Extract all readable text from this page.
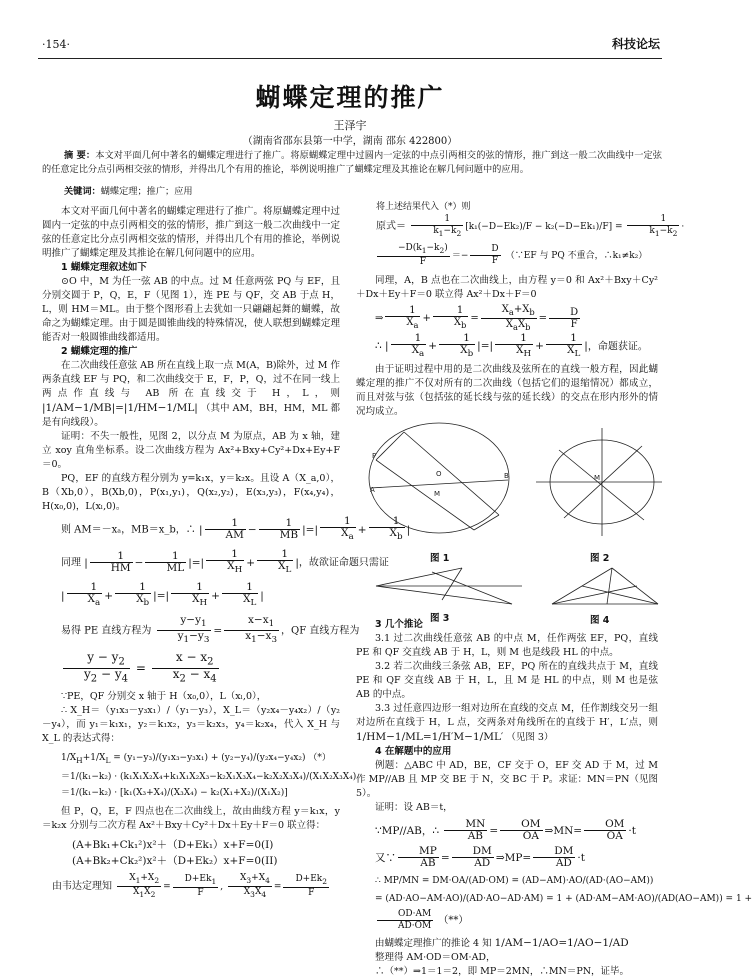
·154·	科技论坛
蝴蝶定理的推广
王泽宇
（湖南省邵东县第一中学，湖南 邵东 422800）
摘 要：本文对平面几何中著名的蝴蝶定理进行了推广。将原蝴蝶定理中过圆内一定弦的中点引两相交的弦的情形，推广到这一般二次曲线中一定弦的任意定比分点引两相交弦的情形，并得出几个有用的推论，举例说明推广了蝴蝶定理及其推论在解几何问题中的应用。
关键词：蝴蝶定理；推广；应用

本文对平面几何中著名的蝴蝶定理进行了推广。将原蝴蝶定理中过圆内一定弦的中点引两相交的弦的情形，推广到这一般二次曲线中一定弦的任意定比分点引两相交弦的情形，并得出几个有用的推论，举例说明推广了蝴蝶定理及其推论在解几何问题中的应用。

1 蝴蝶定理叙述如下

⊙O 中，M 为任一弦 AB 的中点。过 M 任意两弦 PQ 与 EF，且分别交圆于 P，Q，E，F（见图 1），连 PE 与 QF，交 AB 于点 H，L，则 HM＝ML。由于整个图形看上去犹如一只翩翩起舞的蝴蝶，故命之为蝴蝶定理。由于圆是圆锥曲线的特殊情况，使人联想到蝴蝶定理能否对一般圆锥曲线都适用。

2 蝴蝶定理的推广

在二次曲线任意弦 AB 所在直线上取一点 M(A，B)除外，过 M 作两条直线 EF 与 PQ，和二次曲线交于 E，F，P，Q，过不在同一线上两点作直线与 AB 所在直线交于 H，L，则 |1/AM−1/MB|=|1/HM−1/ML| （其中 AM，BH，HM，ML 都是有向线段）。

证明：不失一般性，见图 2，以分点 M 为原点，AB 为 x 轴，建立 xoy 直角坐标系。设二次曲线方程为 Ax²+Bxy+Cy²+Dx+Ey+F＝0。

PQ，EF 的直线方程分别为 y=k₁x，y＝k₂x。且设 A（X_a,0），B（Xb,0），B(Xb,0)，P(x₁,y₁)，Q(x₂,y₂)，E(x₃,y₃)，F(x₄,y₄)，H(x₀,0)，L(xₗ,0)。

则 AM＝－xₐ，MB＝x_b，∴ | $\frac{1}{AM} - \frac{1}{MB}$ |=| $\frac{1}{X_a} + \frac{1}{X_b}$ |

同理 | $\frac{1}{HM} - \frac{1}{ML}$ |=| $\frac{1}{X_H} + \frac{1}{X_L}$ |，故欲证命题只需证

| $\frac{1}{X_a} + \frac{1}{X_b}$ |=| $\frac{1}{X_H} + \frac{1}{X_L}$ |

易得 PE 直线方程为 $\frac{y-y_1}{y_1-y_3} = \frac{x-x_1}{x_1-x_3}$ ，QF 直线方程为

$\frac{y - y_2}{y_2 - y_4} = \frac{x - x_2}{x_2 - x_4}$

∵PE，QF 分别交 x 轴于 H（x₀,0），L（xₗ,0），

∴ X_H＝（y₁x₃－y₃x₁）/（y₁－y₃），X_L＝（y₂x₄－y₄x₂）/（y₂－y₄），而 y₁＝k₁x₁，y₂＝k₁x₂，y₃＝k₂x₃，y₄＝k₂x₄，代入 X_H 与 X_L 的表达式得：

$1/X_H+1/X_L = (y_1-y_3)/(y_1x_3-y_3x_1) + (y_2-y_4)/(y_2x_4-y_4x_2)$ （*）

＝1/(k₁−k₂) · (k₁X₁X₂X₄+k₁X₁X₂X₃−k₂X₁X₃X₄−k₂X₂X₃X₄)/(X₁X₂X₃X₄)

＝1/(k₁−k₂) · [k₁(X₃+X₄)/(X₃X₄) − k₂(X₁+X₂)/(X₁X₂)]

但 P，Q，E，F 四点也在二次曲线上，故由曲线方程 y＝k₁x，y＝k₂x 分别与二次方程 Ax²＋Bxy＋Cy²＋Dx＋Ey＋F＝0 联立得：

(A+Bk₁+Ck₁²)x²＋（D+Ek₁）x+F=0(I)

(A+Bk₂+Ck₂²)x²＋（D+Ek₂）x+F=0(II)

由韦达定理知 $\frac{X_1+X_2}{X_1X_2} = \frac{D+Ek_1}{F}$ , $\frac{X_3+X_4}{X_3X_4} = \frac{D+Ek_2}{F}$

将上述结果代入（*）则

原式＝ $\frac{1}{k_1-k_2} [k_1(-D-Ek_2)/F - k_2(-D-Ek_1)/F] = \frac{1}{k_1-k_2}$ ·

$\frac{-D(k_1-k_2)}{F} =- \frac{D}{F}$ （∵EF 与 PQ 不重合，∴k₁≠k₂）

同理，A，B 点也在二次曲线上，由方程 y＝0 和 Ax²＋Bxy＋Cy²＋Dx＋Ey＋F＝0 联立得 Ax²＋Dx＋F＝0

⇒ $\frac{1}{X_a} + \frac{1}{X_b} = \frac{X_a+X_b}{X_aX_b} = \frac{D}{F}$

∴ | $\frac{1}{X_a} + \frac{1}{X_b}$ |=| $\frac{1}{X_H} + \frac{1}{X_L}$ |，命题获证。

由于证明过程中用的是二次曲线及弦所在的直线一般方程，因此蝴蝶定理的推广不仅对所有的二次曲线（包括它们的退缩情况）都成立，而且对弦与弦（包括弦的延长线与弦的延长线）的交点在形内形外的情况均成立。

A
B
P
O
M
M
图 1	图 2
图 3	图 4
3 几个推论

3.1 过二次曲线任意弦 AB 的中点 M，任作两弦 EF，PQ，直线 PE 和 QF 交直线 AB 于 H，L，则 M 也是线段 HL 的中点。

3.2 若二次曲线三条弦 AB，EF，PQ 所在的直线共点于 M，直线 PE 和 QF 交直线 AB 于 H，L，且 M 是 HL 的中点，则 M 也是弦 AB 的中点。

3.3 过任意四边形一组对边所在直线的交点 M，任作割线交另一组对边所在直线于 H，L 点，交两条对角线所在的直线于 H′，L′点，则 1/HM−1/ML=1/H′M−1/ML′ （见图 3）

4 在解题中的应用

例题：△ABC 中 AD，BE，CF 交于 O，EF 交 AD 于 M，过 M 作 MP//AB 且 MP 交 BE 于 N，交 BC 于 P。求证：MN＝PN（见图 5）。

证明：设 AB＝t，

∵MP//AB，∴ $\frac{MN}{AB} = \frac{OM}{OA}$ ⇒MN= $\frac{OM}{OA} \cdot t$

又∵ $\frac{MP}{AB} = \frac{DM}{AD}$ ⇒MP= $\frac{DM}{AD} \cdot t$

∴ MP/MN = DM·OA/(AD·OM) = (AD−AM)·AO/(AD·(AO−AM))

= (AD·AO−AM·AO)/(AD·AO−AD·AM) = 1 + (AD·AM−AM·AO)/(AD(AO−AM)) = 1 +

$\frac{OD\cdot AM}{AD\cdot OM}$ （**）

由蝴蝶定理推广的推论 4 知 1/AM−1/AO=1/AO−1/AD

整理得 AM·OD＝OM·AD，

∴（**）⇒1＝1＝2，即 MP＝2MN，∴MN＝PN，证毕。
